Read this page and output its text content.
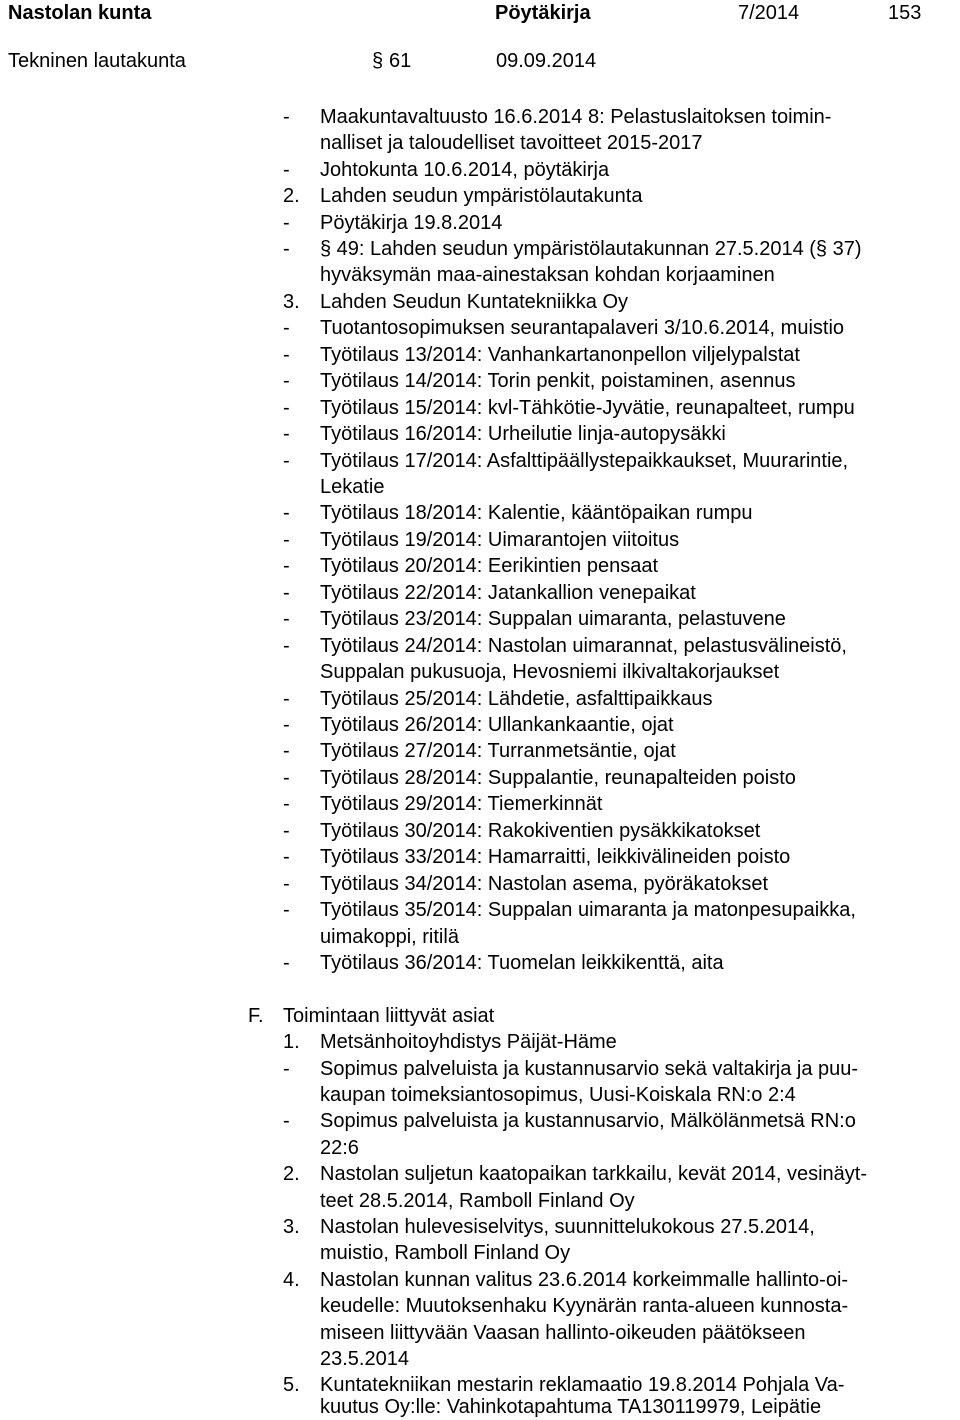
Nastolan kunta	Pöytäkirja	7/2014	153
Tekninen lautakunta	§ 61	09.09.2014
- Maakuntavaltuusto 16.6.2014 8: Pelastuslaitoksen toimin-
nalliset ja taloudelliset tavoitteet 2015-2017
- Johtokunta 10.6.2014, pöytäkirja
2. Lahden seudun ympäristölautakunta
- Pöytäkirja 19.8.2014
- § 49: Lahden seudun ympäristölautakunnan 27.5.2014 (§ 37)
hyväksymän maa-ainestaksan kohdan korjaaminen
3. Lahden Seudun Kuntatekniikka Oy
- Tuotantosopimuksen seurantapalaveri 3/10.6.2014, muistio
- Työtilaus 13/2014: Vanhankartanonpellon viljelypalstat
- Työtilaus 14/2014: Torin penkit, poistaminen, asennus
- Työtilaus 15/2014: kvl-Tähkötie-Jyvätie, reunapalteet, rumpu
- Työtilaus 16/2014: Urheilutie linja-autopysäkki
- Työtilaus 17/2014: Asfalttipäällystepaikkaukset, Muurarintie,
Lekatie
- Työtilaus 18/2014: Kalentie, kääntöpaikan rumpu
- Työtilaus 19/2014: Uimarantojen viitoitus
- Työtilaus 20/2014: Eerikintien pensaat
- Työtilaus 22/2014: Jatankallion venepaikat
- Työtilaus 23/2014: Suppalan uimaranta, pelastuvene
- Työtilaus 24/2014: Nastolan uimarannat, pelastusvälineistö,
Suppalan pukusuoja, Hevosniemi ilkivaltakorjaukset
- Työtilaus 25/2014: Lähdetie, asfalttipaikkaus
- Työtilaus 26/2014: Ullankankaantie, ojat
- Työtilaus 27/2014: Turranmetsäntie, ojat
- Työtilaus 28/2014: Suppalantie, reunapalteiden poisto
- Työtilaus 29/2014: Tiemerkinnät
- Työtilaus 30/2014: Rakokiventien pysäkkikatokset
- Työtilaus 33/2014: Hamarraitti, leikkivälineiden poisto
- Työtilaus 34/2014: Nastolan asema, pyöräkatokset
- Työtilaus 35/2014: Suppalan uimaranta ja matonpesupaikka,
uimakoppi, ritilä
- Työtilaus 36/2014: Tuomelan leikkikenttä, aita
F. Toimintaan liittyvät asiat
1. Metsänhoitoyhdistys Päijät-Häme
- Sopimus palveluista ja kustannusarvio sekä valtakirja ja puu-
kaupan toimeksiantosopimus, Uusi-Koiskala RN:o 2:4
- Sopimus palveluista ja kustannusarvio, Mälkölänmetsä RN:o
22:6
2. Nastolan suljetun kaatopaikan tarkkailu, kevät 2014, vesinäyt-
teet 28.5.2014, Ramboll Finland Oy
3. Nastolan hulevesiselvitys, suunnittelukokous 27.5.2014,
muistio, Ramboll Finland Oy
4. Nastolan kunnan valitus 23.6.2014 korkeimmalle hallinto-oi-
keudelle: Muutoksenhaku Kyynärän ranta-alueen kunnosta-
miseen liittyvään Vaasan hallinto-oikeuden päätökseen
23.5.2014
5. Kuntatekniikan mestarin reklamaatio 19.8.2014 Pohjala Va-
kuutus Oy:lle: Vahinkotapahtuma TA130119979, Leipätie
